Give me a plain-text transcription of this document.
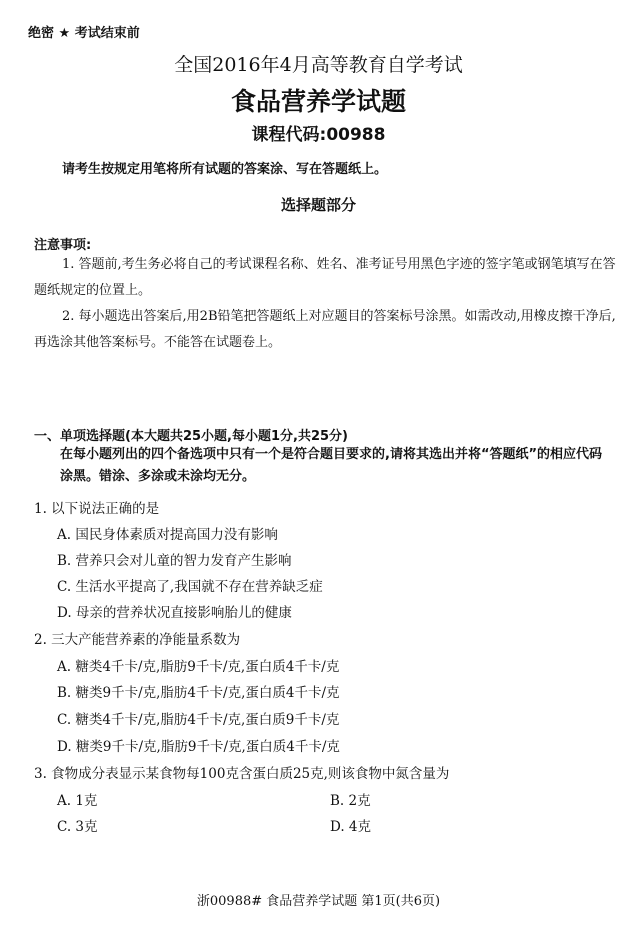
绝密 ★ 考试结束前
全国2016年4月高等教育自学考试
食品营养学试题
课程代码:00988
请考生按规定用笔将所有试题的答案涂、写在答题纸上。
选择题部分
注意事项:
1. 答题前,考生务必将自己的考试课程名称、姓名、准考证号用黑色字迹的签字笔或钢笔填写在答题纸规定的位置上。
2. 每小题选出答案后,用2B铅笔把答题纸上对应题目的答案标号涂黑。如需改动,用橡皮擦干净后,再选涂其他答案标号。不能答在试题卷上。
一、单项选择题(本大题共25小题,每小题1分,共25分)
在每小题列出的四个备选项中只有一个是符合题目要求的,请将其选出并将“答题纸”的相应代码涂黑。错涂、多涂或未涂均无分。
1. 以下说法正确的是
A. 国民身体素质对提高国力没有影响
B. 营养只会对儿童的智力发育产生影响
C. 生活水平提高了,我国就不存在营养缺乏症
D. 母亲的营养状况直接影响胎儿的健康
2. 三大产能营养素的净能量系数为
A. 糖类4千卡/克,脂肪9千卡/克,蛋白质4千卡/克
B. 糖类9千卡/克,脂肪4千卡/克,蛋白质4千卡/克
C. 糖类4千卡/克,脂肪4千卡/克,蛋白质9千卡/克
D. 糖类9千卡/克,脂肪9千卡/克,蛋白质4千卡/克
3. 食物成分表显示某食物每100克含蛋白质25克,则该食物中氮含量为
A. 1克	B. 2克
C. 3克	D. 4克
浙00988# 食品营养学试题 第1页(共6页)
